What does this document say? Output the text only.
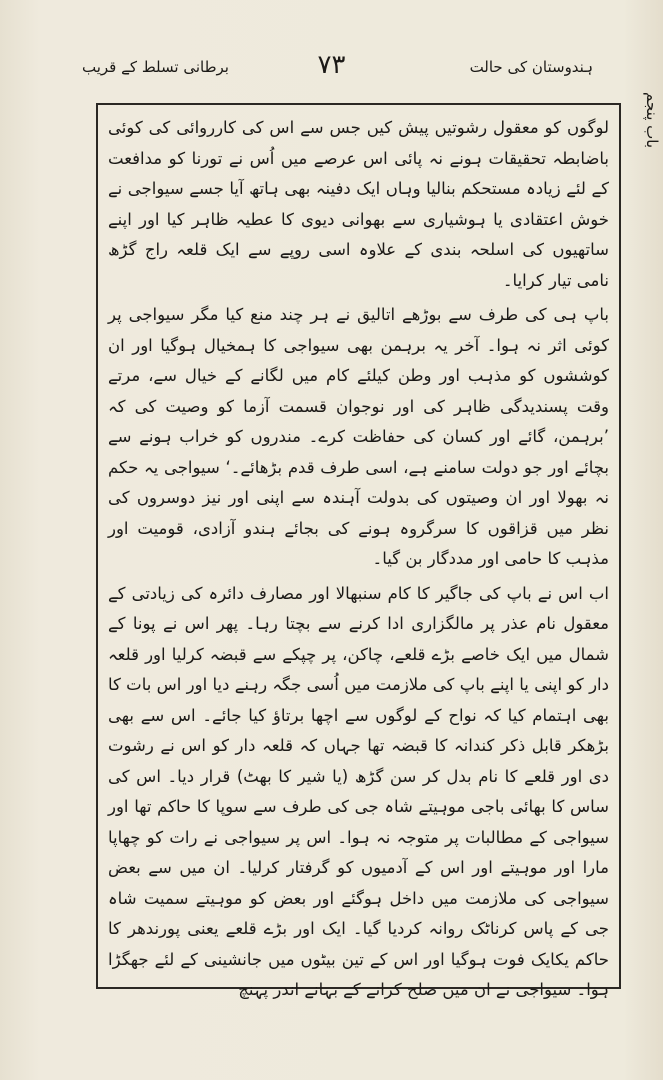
ہندوستان کی حالت
۷۳
برطانی تسلط کے قریب
باب پنجم

لوگوں کو معقول رشوتیں پیش کیں جس سے اس کی کارروائی کی کوئی باضابطہ تحقیقات ہونے نہ پائی اس عرصے میں اُس نے تورنا کو مدافعت کے لئے زیادہ مستحکم بنالیا وہاں ایک دفینہ بھی ہاتھ آیا جسے سیواجی نے خوش اعتقادی یا ہوشیاری سے بھوانی دیوی کا عطیہ ظاہر کیا اور اپنے ساتھیوں کی اسلحہ بندی کے علاوہ اسی روپے سے ایک قلعہ راج گڑھ نامی تیار کرایا۔

باپ ہی کی طرف سے بوڑھے اتالیق نے ہر چند منع کیا مگر سیواجی پر کوئی اثر نہ ہوا۔ آخر یہ برہمن بھی سیواجی کا ہمخیال ہوگیا اور ان کوششوں کو مذہب اور وطن کیلئے کام میں لگانے کے خیال سے، مرتے وقت پسندیدگی ظاہر کی اور نوجوان قسمت آزما کو وصیت کی کہ ’برہمن، گائے اور کسان کی حفاظت کرے۔ مندروں کو خراب ہونے سے بچائے اور جو دولت سامنے ہے، اسی طرف قدم بڑھائے۔‘ سیواجی یہ حکم نہ بھولا اور ان وصیتوں کی بدولت آہندہ سے اپنی اور نیز دوسروں کی نظر میں قزاقوں کا سرگروہ ہونے کی بجائے ہندو آزادی، قومیت اور مذہب کا حامی اور مددگار بن گیا۔

اب اس نے باپ کی جاگیر کا کام سنبھالا اور مصارف دائرہ کی زیادتی کے معقول نام عذر پر مالگزاری ادا کرنے سے بچتا رہا۔ پھر اس نے پونا کے شمال میں ایک خاصے بڑے قلعے، چاکن، پر چپکے سے قبضہ کرلیا اور قلعہ دار کو اپنی یا اپنے باپ کی ملازمت میں اُسی جگہ رہنے دیا اور اس بات کا بھی اہتمام کیا کہ نواح کے لوگوں سے اچھا برتاؤ کیا جائے۔ اس سے بھی بڑھکر قابل ذکر کندانہ کا قبضہ تھا جہاں کہ قلعہ دار کو اس نے رشوت دی اور قلعے کا نام بدل کر سن گڑھ (یا شیر کا بھٹ) قرار دیا۔ اس کی ساس کا بھائی باجی موہیتے شاہ جی کی طرف سے سوپا کا حاکم تھا اور سیواجی کے مطالبات پر متوجہ نہ ہوا۔ اس پر سیواجی نے رات کو چھاپا مارا اور موہیتے اور اس کے آدمیوں کو گرفتار کرلیا۔ ان میں سے بعض سیواجی کی ملازمت میں داخل ہوگئے اور بعض کو موہیتے سمیت شاہ جی کے پاس کرناٹک روانہ کردیا گیا۔ ایک اور بڑے قلعے یعنی پورندھر کا حاکم یکایک فوت ہوگیا اور اس کے تین بیٹوں میں جانشینی کے لئے جھگڑا ہوا۔ سیواجی نے ان میں صلح کرانے کے بہانے اندر پہنچ
